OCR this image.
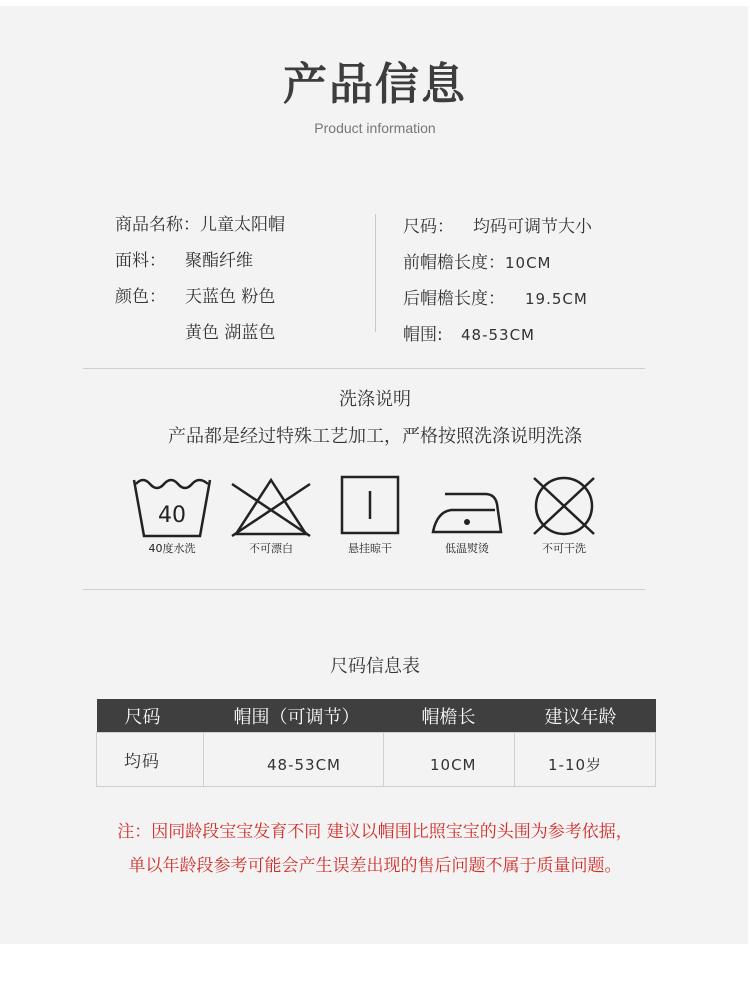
产品信息
Product information
商品名称：儿童太阳帽
面料： 聚酯纤维
颜色： 天蓝色 粉色
黄色 湖蓝色
尺码： 均码可调节大小
前帽檐长度：10CM
后帽檐长度： 19.5CM
帽围: 48-53CM
洗涤说明
产品都是经过特殊工艺加工，严格按照洗涤说明洗涤
40
40度水洗	不可漂白	悬挂晾干	低温熨烫	不可干洗
尺码信息表
尺码	帽围（可调节）	帽檐长	建议年龄
均码	48-53CM	10CM	1-10岁
注：因同龄段宝宝发育不同 建议以帽围比照宝宝的头围为参考依据，
单以年龄段参考可能会产生误差出现的售后问题不属于质量问题。
